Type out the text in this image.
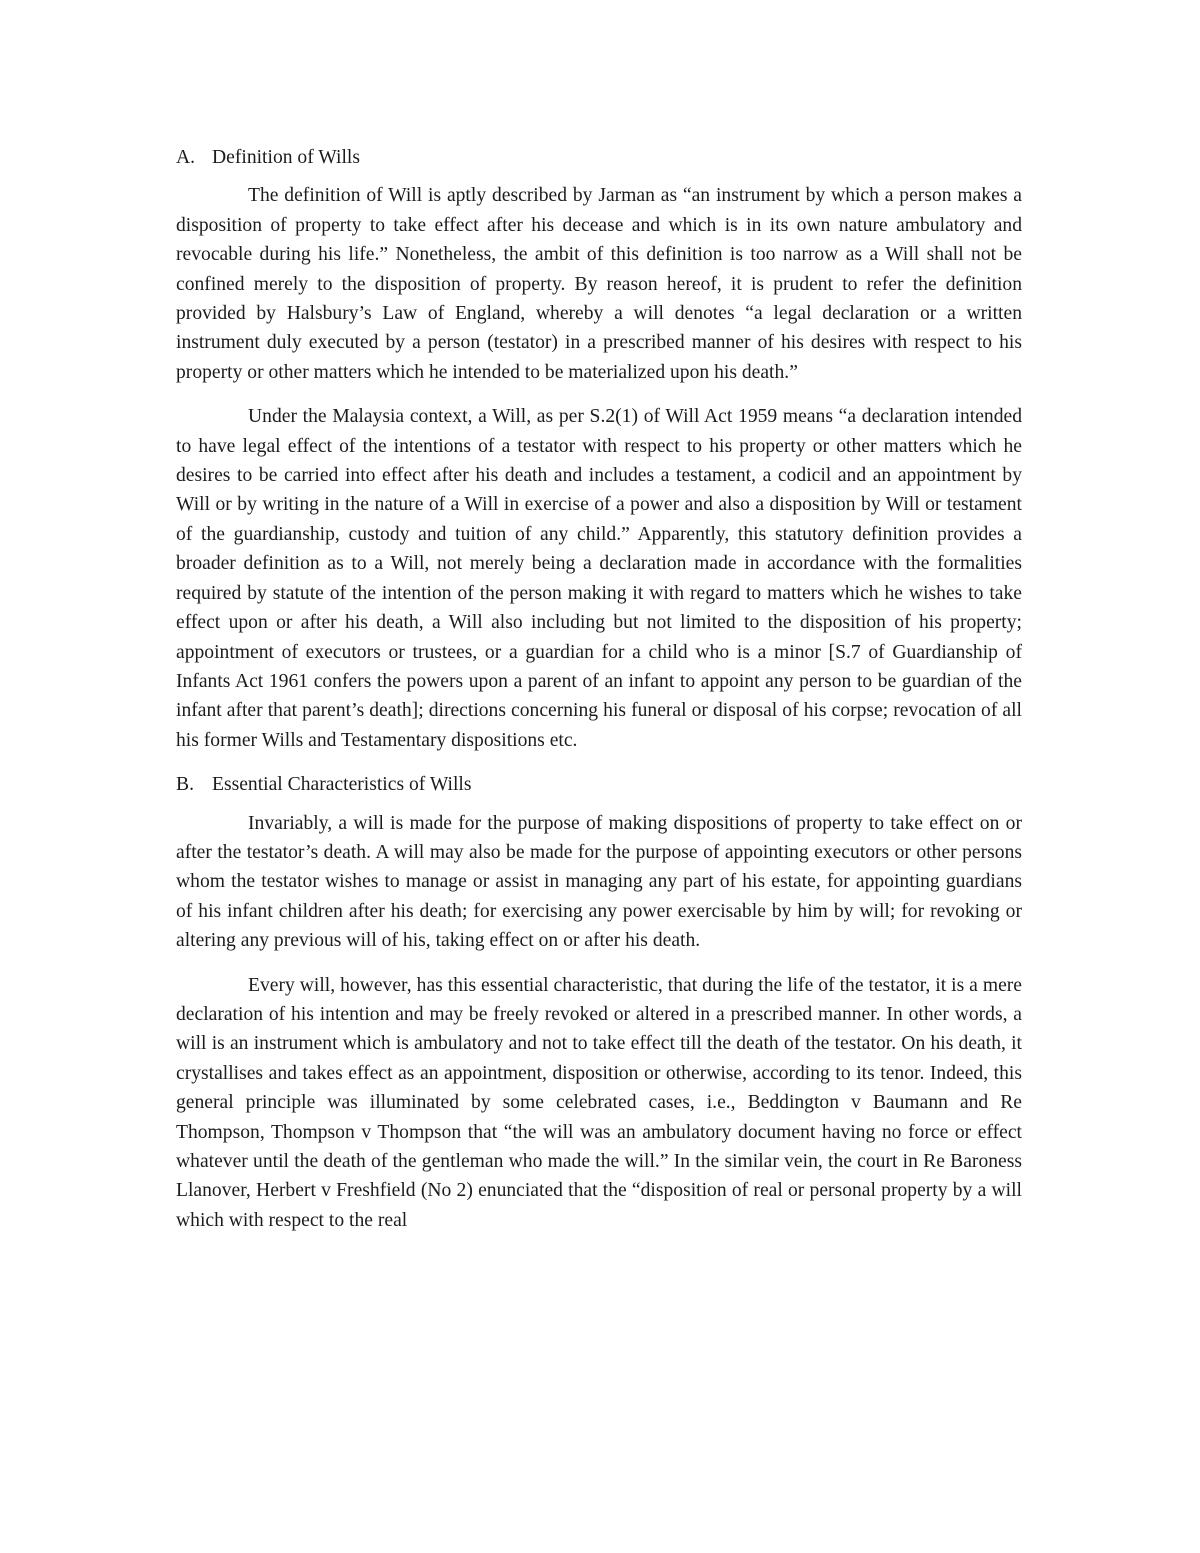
A. Definition of Wills

The definition of Will is aptly described by Jarman as “an instrument by which a person makes a disposition of property to take effect after his decease and which is in its own nature ambulatory and revocable during his life.” Nonetheless, the ambit of this definition is too narrow as a Will shall not be confined merely to the disposition of property. By reason hereof, it is prudent to refer the definition provided by Halsbury’s Law of England, whereby a will denotes “a legal declaration or a written instrument duly executed by a person (testator) in a prescribed manner of his desires with respect to his property or other matters which he intended to be materialized upon his death.”

Under the Malaysia context, a Will, as per S.2(1) of Will Act 1959 means “a declaration intended to have legal effect of the intentions of a testator with respect to his property or other matters which he desires to be carried into effect after his death and includes a testament, a codicil and an appointment by Will or by writing in the nature of a Will in exercise of a power and also a disposition by Will or testament of the guardianship, custody and tuition of any child.” Apparently, this statutory definition provides a broader definition as to a Will, not merely being a declaration made in accordance with the formalities required by statute of the intention of the person making it with regard to matters which he wishes to take effect upon or after his death, a Will also including but not limited to the disposition of his property; appointment of executors or trustees, or a guardian for a child who is a minor [S.7 of Guardianship of Infants Act 1961 confers the powers upon a parent of an infant to appoint any person to be guardian of the infant after that parent’s death]; directions concerning his funeral or disposal of his corpse; revocation of all his former Wills and Testamentary dispositions etc.

B. Essential Characteristics of Wills

Invariably, a will is made for the purpose of making dispositions of property to take effect on or after the testator’s death. A will may also be made for the purpose of appointing executors or other persons whom the testator wishes to manage or assist in managing any part of his estate, for appointing guardians of his infant children after his death; for exercising any power exercisable by him by will; for revoking or altering any previous will of his, taking effect on or after his death.

Every will, however, has this essential characteristic, that during the life of the testator, it is a mere declaration of his intention and may be freely revoked or altered in a prescribed manner. In other words, a will is an instrument which is ambulatory and not to take effect till the death of the testator. On his death, it crystallises and takes effect as an appointment, disposition or otherwise, according to its tenor. Indeed, this general principle was illuminated by some celebrated cases, i.e., Beddington v Baumann and Re Thompson, Thompson v Thompson that “the will was an ambulatory document having no force or effect whatever until the death of the gentleman who made the will.” In the similar vein, the court in Re Baroness Llanover, Herbert v Freshfield (No 2) enunciated that the “disposition of real or personal property by a will which with respect to the real
